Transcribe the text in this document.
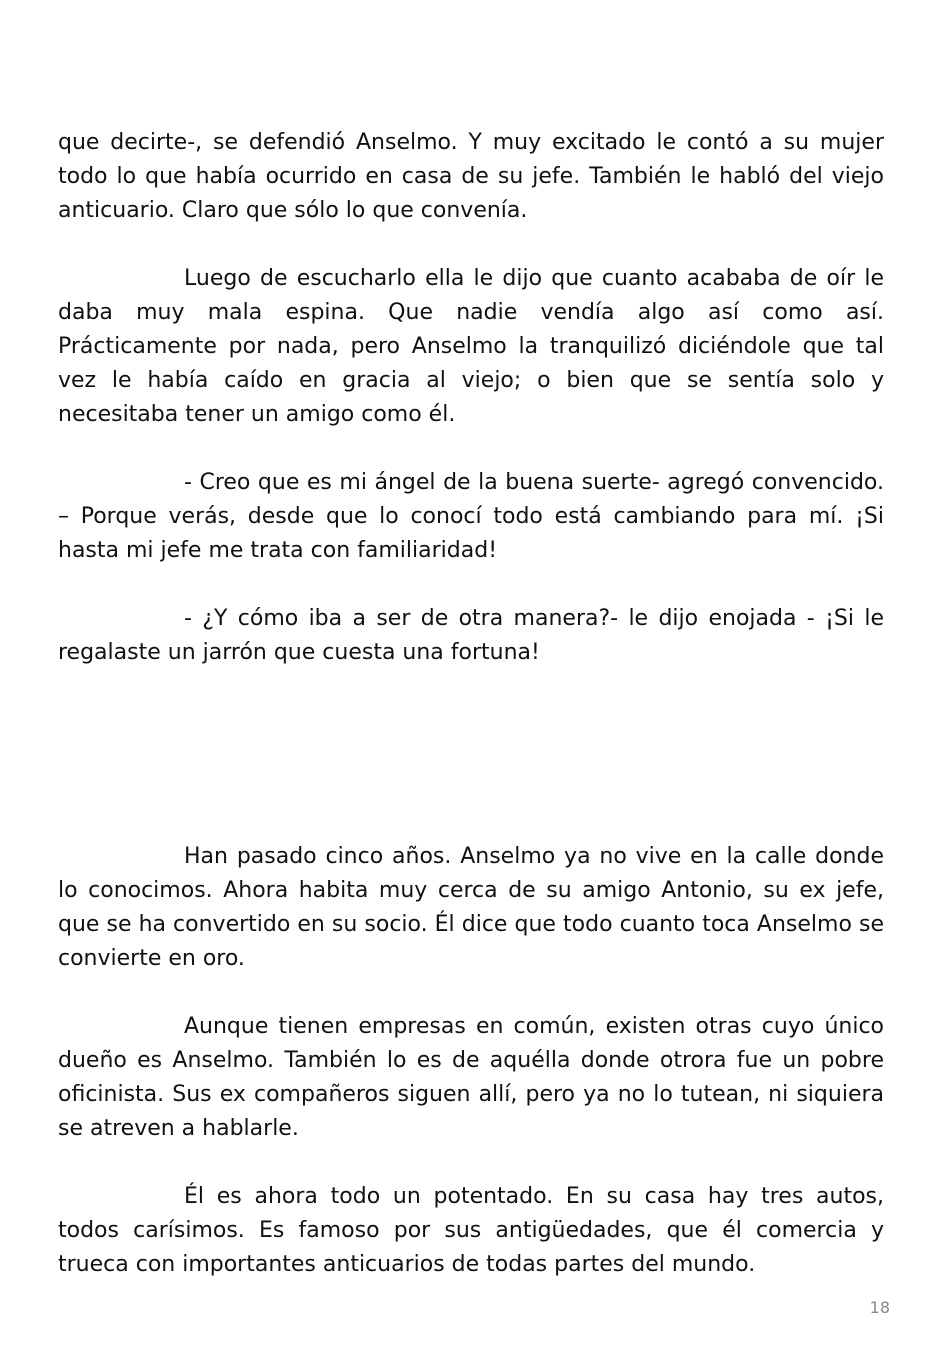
que decirte-, se defendió Anselmo. Y muy excitado le contó a su mujer todo lo que había ocurrido en casa de su jefe. También le habló del viejo anticuario. Claro que sólo lo que convenía.

Luego de escucharlo ella le dijo que cuanto acababa de oír le daba muy mala espina. Que nadie vendía algo así como así. Prácticamente por nada, pero Anselmo la tranquilizó diciéndole que tal vez le había caído en gracia al viejo; o bien que se sentía solo y necesitaba tener un amigo como él.

- Creo que es mi ángel de la buena suerte- agregó convencido. – Porque verás, desde que lo conocí todo está cambiando para mí. ¡Si hasta mi jefe me trata con familiaridad!

- ¿Y cómo iba a ser de otra manera?- le dijo enojada - ¡Si le regalaste un jarrón que cuesta una fortuna!

Han pasado cinco años. Anselmo ya no vive en la calle donde lo conocimos. Ahora habita muy cerca de su amigo Antonio, su ex jefe, que se ha convertido en su socio. Él dice que todo cuanto toca Anselmo se convierte en oro.

Aunque tienen empresas en común, existen otras cuyo único dueño es Anselmo. También lo es de aquélla donde otrora fue un pobre oficinista. Sus ex compañeros siguen allí, pero ya no lo tutean, ni siquiera se atreven a hablarle.

Él es ahora todo un potentado. En su casa hay tres autos, todos carísimos. Es famoso por sus antigüedades, que él comercia y trueca con importantes anticuarios de todas partes del mundo.

18
